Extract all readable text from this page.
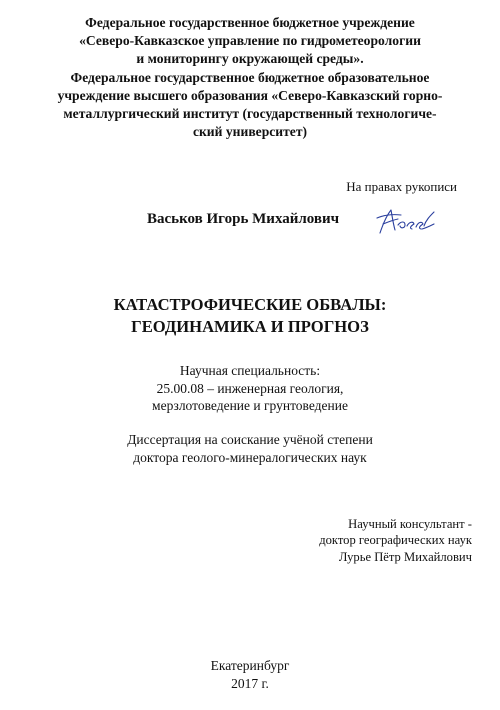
Федеральное государственное бюджетное учреждение
«Северо-Кавказское управление по гидрометеорологии
и мониторингу окружающей среды».
Федеральное государственное бюджетное образовательное
учреждение высшего образования «Северо-Кавказский горно-
металлургический институт (государственный технологиче-
ский университет)
На правах рукописи
Васьков Игорь Михайлович
КАТАСТРОФИЧЕСКИЕ ОБВАЛЫ:
ГЕОДИНАМИКА И ПРОГНОЗ
Научная специальность:
25.00.08 – инженерная геология,
мерзлотоведение и грунтоведение
Диссертация на соискание учёной степени
доктора геолого-минералогических наук
Научный консультант -
доктор географических наук
Лурье Пётр Михайлович
Екатеринбург
2017 г.
